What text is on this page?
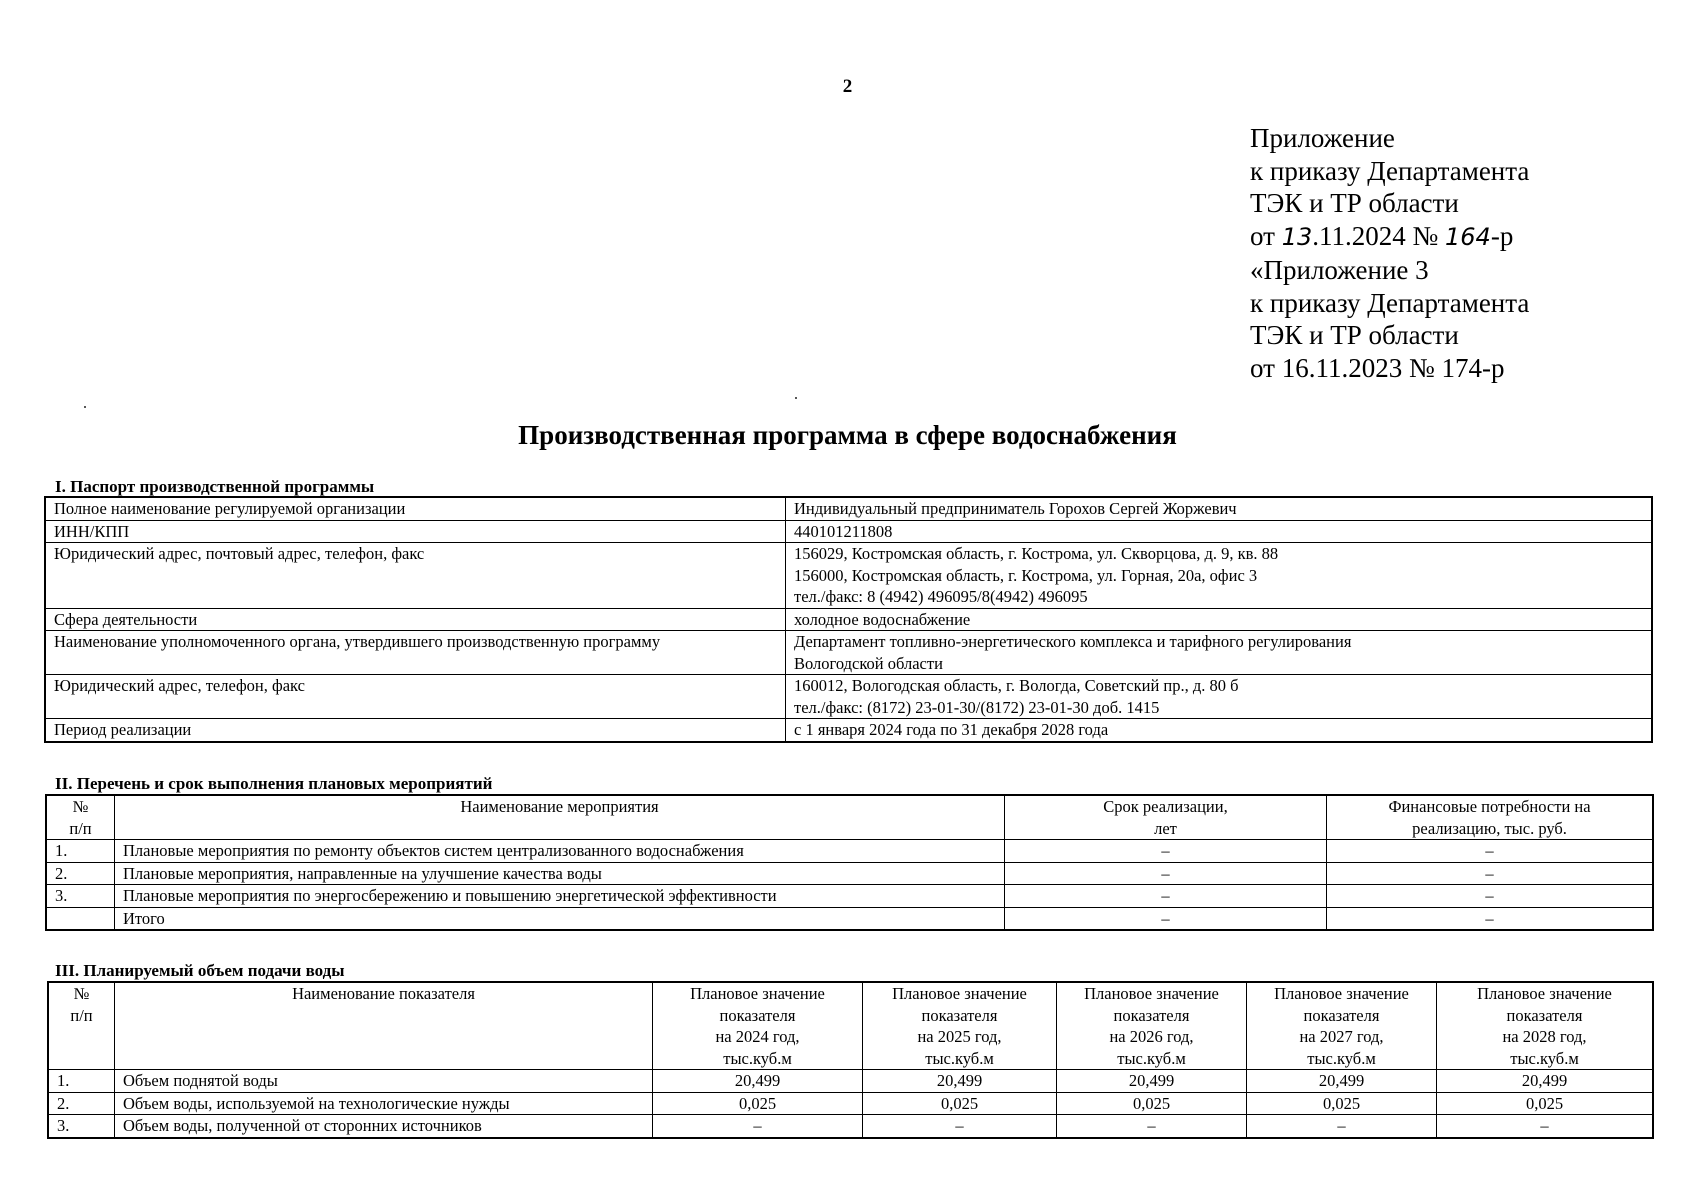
2
Приложение
к приказу Департамента
ТЭК и ТР области
от 13.11.2024 № 164-р
«Приложение 3
к приказу Департамента
ТЭК и ТР области
от 16.11.2023 № 174-р
Производственная программа в сфере водоснабжения
I. Паспорт производственной программы
Полное наименование регулируемой организации	Индивидуальный предприниматель Горохов Сергей Жоржевич
ИНН/КПП	440101211808
Юридический адрес, почтовый адрес, телефон, факс	156029, Костромская область, г. Кострома, ул. Скворцова, д. 9, кв. 88
156000, Костромская область, г. Кострома, ул. Горная, 20а, офис 3
тел./факс: 8 (4942) 496095/8(4942) 496095
Сфера деятельности	холодное водоснабжение
Наименование уполномоченного органа, утвердившего производственную программу	Департамент топливно-энергетического комплекса и тарифного регулирования
Вологодской области
Юридический адрес, телефон, факс	160012, Вологодская область, г. Вологда, Советский пр., д. 80 б
тел./факс: (8172) 23-01-30/(8172) 23-01-30 доб. 1415
Период реализации	с 1 января 2024 года по 31 декабря 2028 года
II. Перечень и срок выполнения плановых мероприятий
№
п/п	Наименование мероприятия	Срок реализации,
лет	Финансовые потребности на
реализацию, тыс. руб.
1.	Плановые мероприятия по ремонту объектов систем централизованного водоснабжения	–	–
2.	Плановые мероприятия, направленные на улучшение качества воды	–	–
3.	Плановые мероприятия по энергосбережению и повышению энергетической эффективности	–	–
	Итого	–	–
III. Планируемый объем подачи воды
№
п/п	Наименование показателя	Плановое значение
показателя
на 2024 год,
тыс.куб.м	Плановое значение
показателя
на 2025 год,
тыс.куб.м	Плановое значение
показателя
на 2026 год,
тыс.куб.м	Плановое значение
показателя
на 2027 год,
тыс.куб.м	Плановое значение
показателя
на 2028 год,
тыс.куб.м
1.	Объем поднятой воды	20,499	20,499	20,499	20,499	20,499
2.	Объем воды, используемой на технологические нужды	0,025	0,025	0,025	0,025	0,025
3.	Объем воды, полученной от сторонних источников	–	–	–	–	–
